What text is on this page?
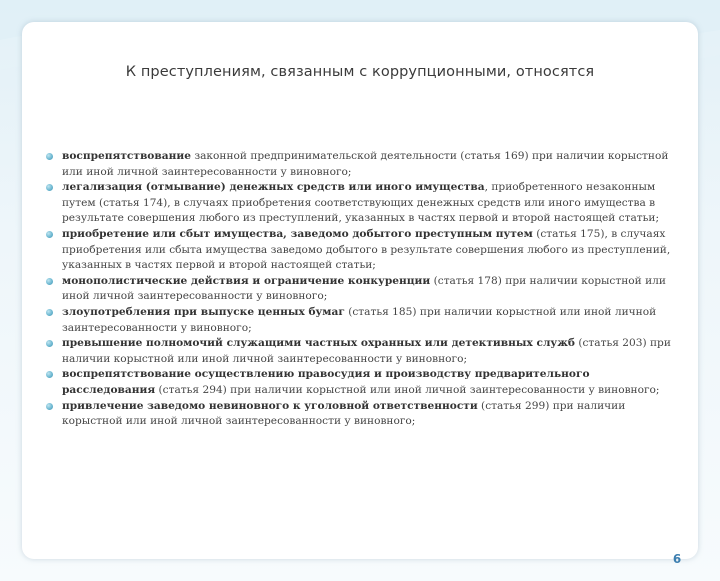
К преступлениям, связанным с коррупционными, относятся
воспрепятствование законной предпринимательской деятельности (статья 169) при наличии корыстной или иной личной заинтересованности у виновного;
легализация (отмывание) денежных средств или иного имущества, приобретенного незаконным путем (статья 174), в случаях приобретения соответствующих денежных средств или иного имущества в результате совершения любого из преступлений, указанных в частях первой и второй настоящей статьи;
приобретение или сбыт имущества, заведомо добытого преступным путем (статья 175), в случаях приобретения или сбыта имущества заведомо добытого в результате совершения любого из преступлений, указанных в частях первой и второй настоящей статьи;
монополистические действия и ограничение конкуренции (статья 178) при наличии корыстной или иной личной заинтересованности у виновного;
злоупотребления при выпуске ценных бумаг (статья 185) при наличии корыстной или иной личной заинтересованности у виновного;
превышение полномочий служащими частных охранных или детективных служб (статья 203) при наличии корыстной или иной личной заинтересованности у виновного;
воспрепятствование осуществлению правосудия и производству предварительного расследования (статья 294) при наличии корыстной или иной личной заинтересованности у виновного;
привлечение заведомо невиновного к уголовной ответственности (статья 299) при наличии корыстной или иной личной заинтересованности у виновного;
6
